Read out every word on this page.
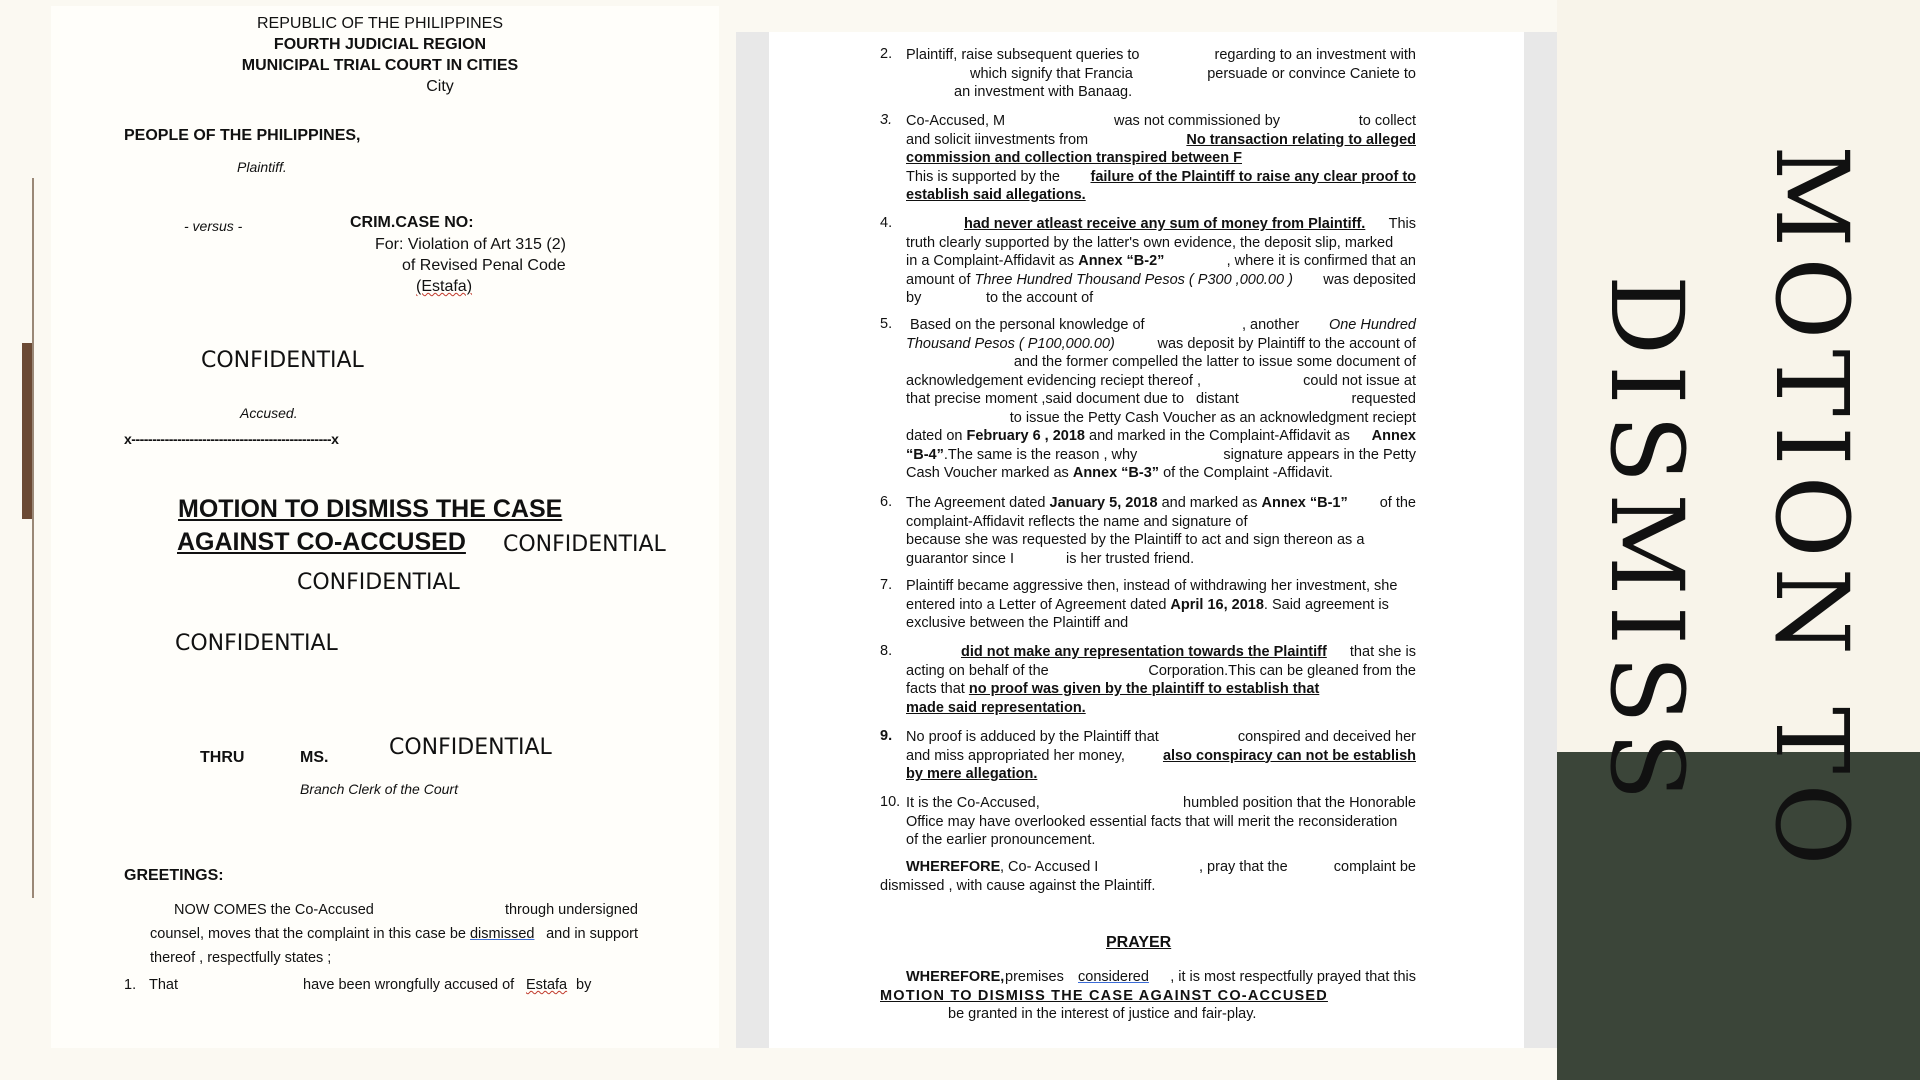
REPUBLIC OF THE PHILIPPINES
FOURTH JUDICIAL REGION
MUNICIPAL TRIAL COURT IN CITIES
City
PEOPLE OF THE PHILIPPINES,
Plaintiff.
- versus -	CRIM.CASE NO:
For: Violation of Art 315 (2)
of Revised Penal Code
(Estafa)
CONFIDENTIAL
Accused.
x------------------------------------------------x
MOTION TO DISMISS THE CASE
AGAINST CO-ACCUSED CONFIDENTIAL
CONFIDENTIAL
CONFIDENTIAL
THRU	MS.	CONFIDENTIAL
Branch Clerk of the Court
GREETINGS:
NOW COMES the Co-Accused	through undersigned
counsel, moves that the complaint in this case be dismissed and in support
thereof , respectfully states ;
1. That	have been wrongfully accused of Estafa by
2. Plaintiff, raise subsequent queries to	regarding to an investment with
which signify that Francia	persuade or convince Caniete to
an investment with Banaag.
3. Co-Accused, M	was not commissioned by	to collect
and solicit iinvestments from	No transaction relating to alleged
commission and collection transpired between F
This is supported by the failure of the Plaintiff to raise any clear proof to
establish said allegations.
4.	had never atleast receive any sum of money from Plaintiff. This
truth clearly supported by the latter's own evidence, the deposit slip, marked
in a Complaint-Affidavit as Annex “B-2”	, where it is confirmed that an
amount of Three Hundred Thousand Pesos ( P300 ,000.00 ) was deposited
by	to the account of
5.	Based on the personal knowledge of	, another One Hundred
Thousand Pesos ( P100,000.00)	was deposit by Plaintiff to the account of
and the former compelled the latter to issue some document of
acknowledgement evidencing reciept thereof ,	could not issue at
that precise moment ,said document due to distant	requested
to issue the Petty Cash Voucher as an acknowledgment reciept
dated on February 6 , 2018 and marked in the Complaint-Affidavit as Annex
“B-4”.The same is the reason , why	signature appears in the Petty
Cash Voucher marked as Annex “B-3” of the Complaint -Affidavit.
6. The Agreement dated January 5, 2018 and marked as Annex “B-1” of the
complaint-Affidavit reflects the name and signature of
because she was requested by the Plaintiff to act and sign thereon as a
guarantor since I	is her trusted friend.
7. Plaintiff became aggressive then, instead of withdrawing her investment, she
entered into a Letter of Agreement dated April 16, 2018. Said agreement is
exclusive between the Plaintiff and
8.	did not make any representation towards the Plaintiff that she is
acting on behalf of the	Corporation.This can be gleaned from the
facts that no proof was given by the plaintiff to establish that
made said representation.
9. No proof is adduced by the Plaintiff that	conspired and deceived her
and miss appropriated her money,	also conspiracy can not be establish
by mere allegation.
10. It is the Co-Accused,	humbled position that the Honorable
Office may have overlooked essential facts that will merit the reconsideration
of the earlier pronouncement.
WHEREFORE , Co- Accused I	, pray that the	complaint be
dismissed , with cause against the Plaintiff.
PRAYER
WHEREFORE, premises considered , it is most respectfully prayed that this
MOTION TO DISMISS THE CASE AGAINST CO-ACCUSED
be granted in the interest of justice and fair-play.
MOTION TO
DISMISS
